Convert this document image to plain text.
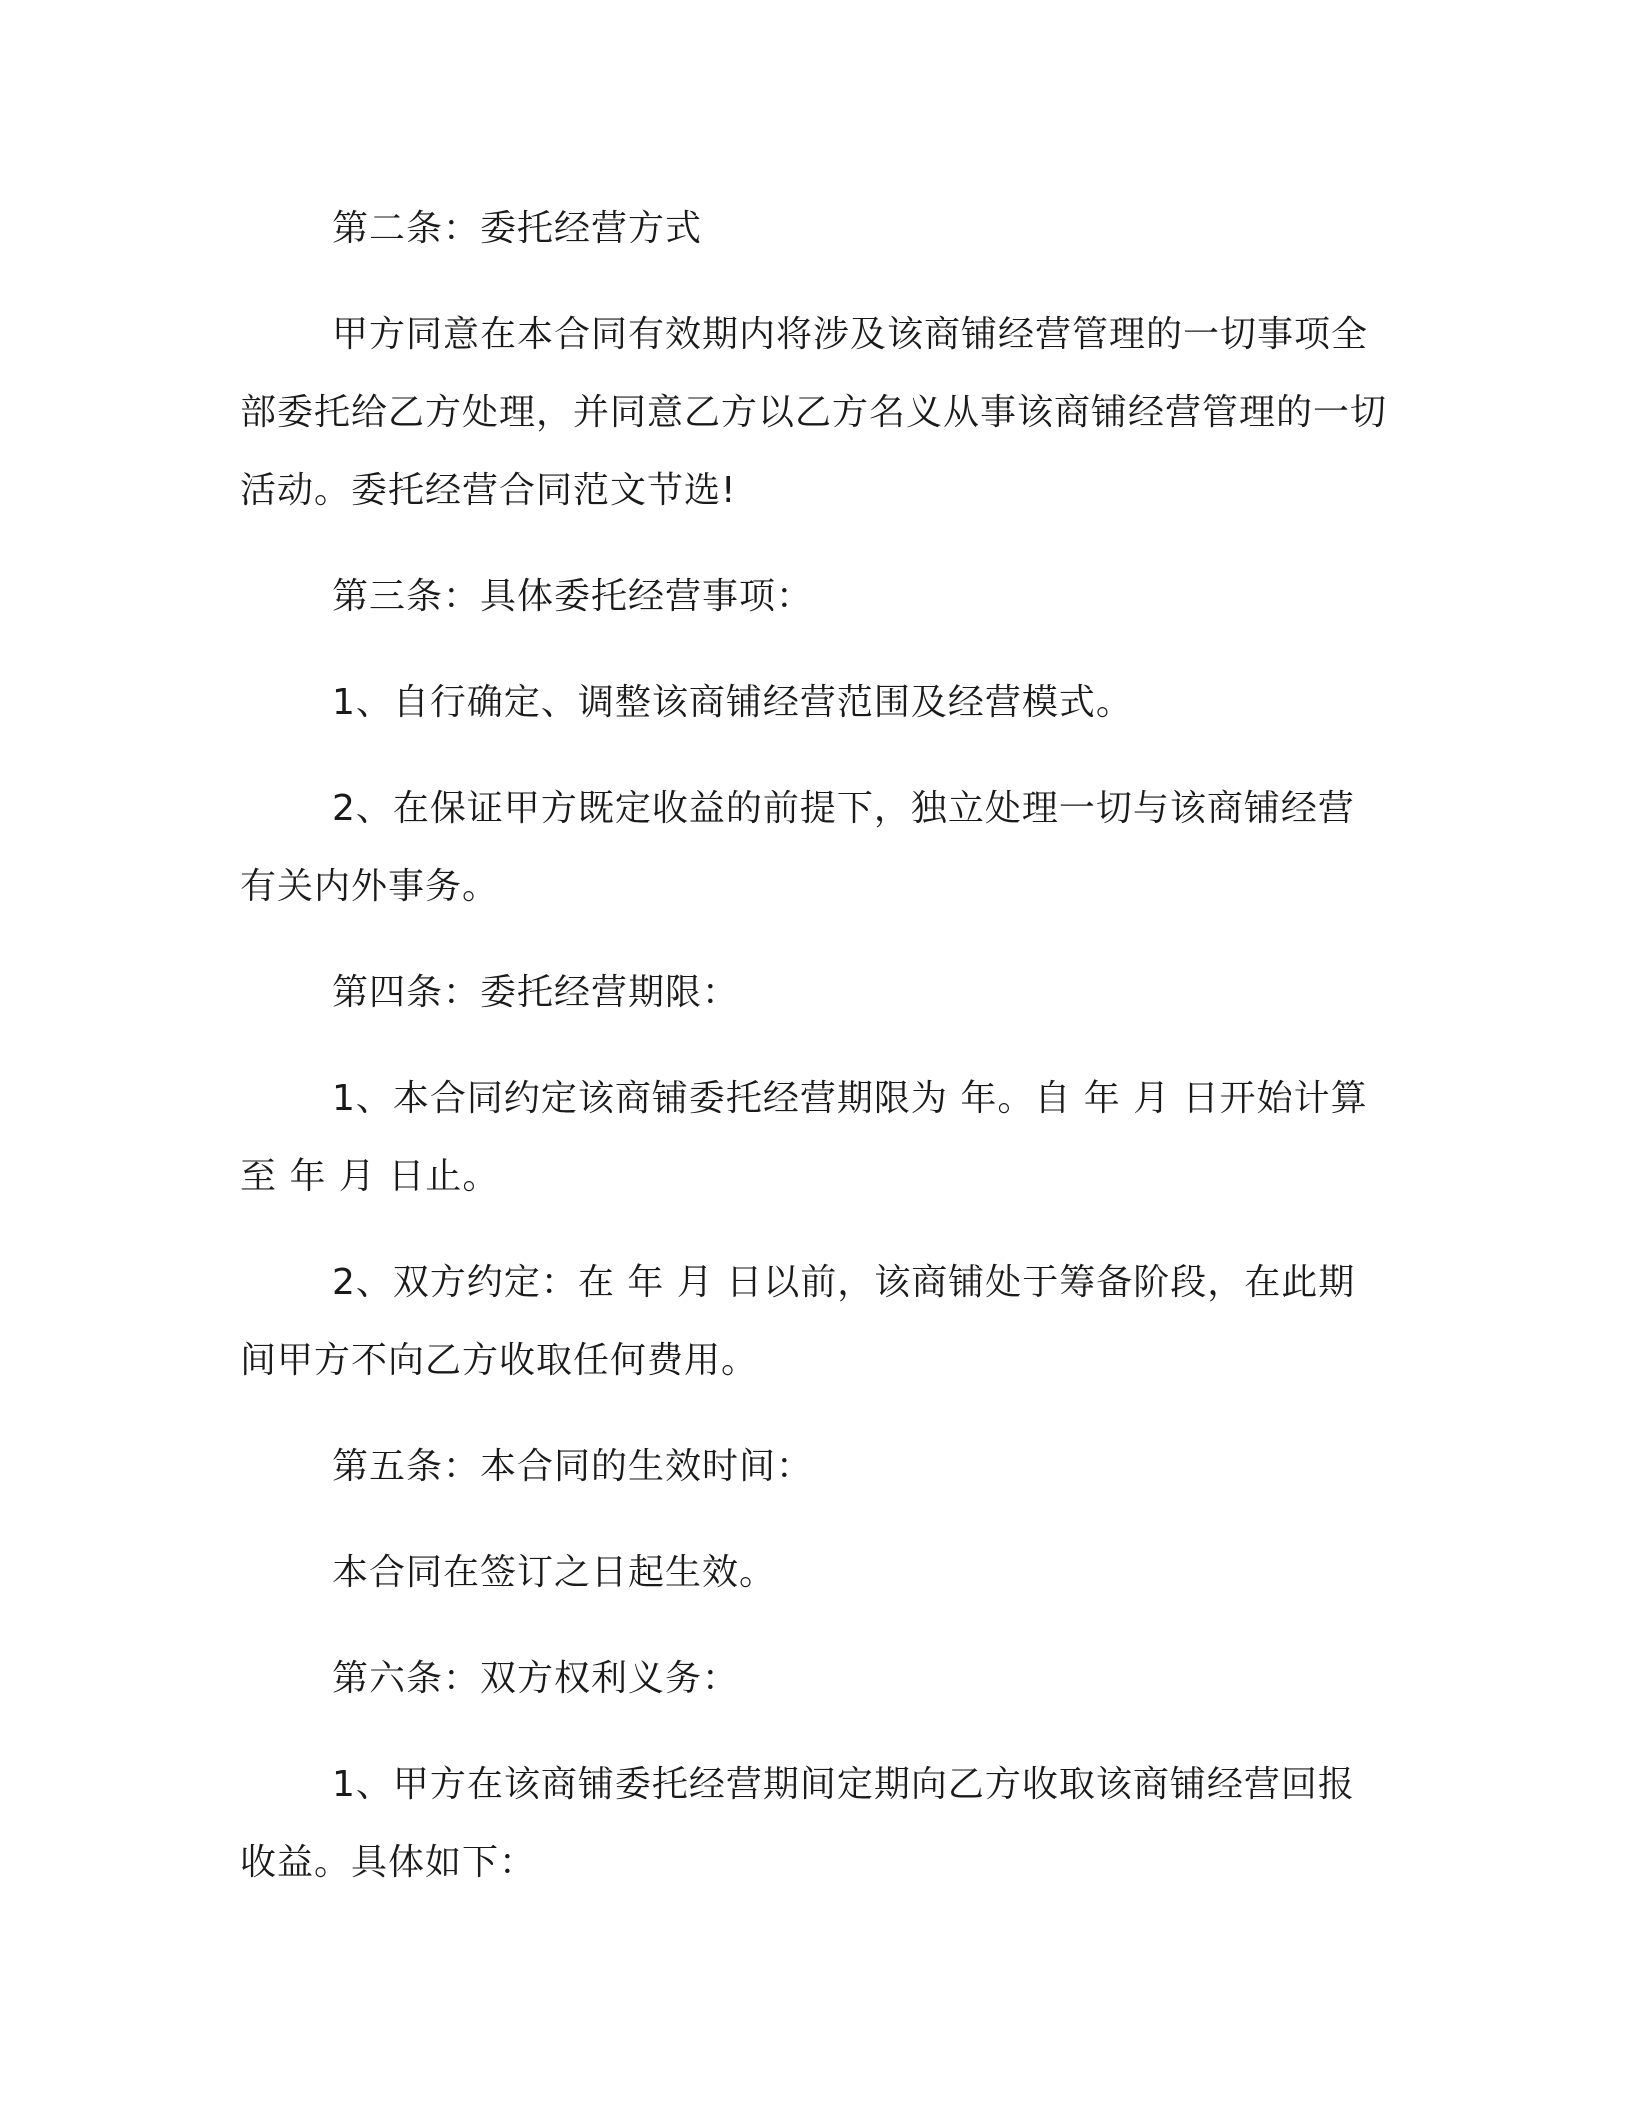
第二条：委托经营方式

甲方同意在本合同有效期内将涉及该商铺经营管理的一切事项全部委托给乙方处理，并同意乙方以乙方名义从事该商铺经营管理的一切活动。委托经营合同范文节选!

第三条：具体委托经营事项：

1、自行确定、调整该商铺经营范围及经营模式。

2、在保证甲方既定收益的前提下，独立处理一切与该商铺经营有关内外事务。

第四条：委托经营期限：

1、本合同约定该商铺委托经营期限为 年。自 年 月 日开始计算至 年 月 日止。

2、双方约定：在 年 月 日以前，该商铺处于筹备阶段，在此期间甲方不向乙方收取任何费用。

第五条：本合同的生效时间：

本合同在签订之日起生效。

第六条：双方权利义务：

1、甲方在该商铺委托经营期间定期向乙方收取该商铺经营回报收益。具体如下：
